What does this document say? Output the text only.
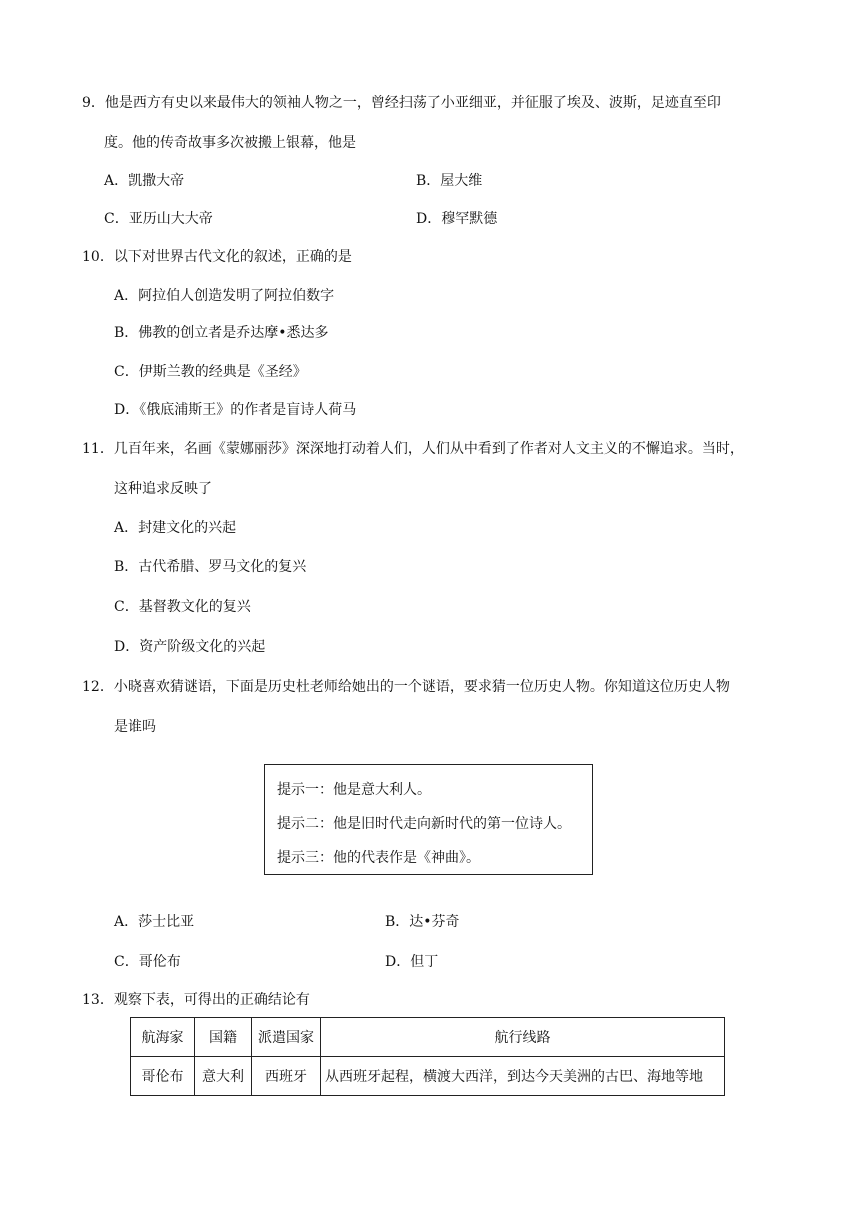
9．他是西方有史以来最伟大的领袖人物之一，曾经扫荡了小亚细亚，并征服了埃及、波斯，足迹直至印
度。他的传奇故事多次被搬上银幕，他是
A．凯撒大帝	B．屋大维
C．亚历山大大帝	D．穆罕默德
10．以下对世界古代文化的叙述，正确的是
A．阿拉伯人创造发明了阿拉伯数字
B．佛教的创立者是乔达摩•悉达多
C．伊斯兰教的经典是《圣经》
D．《俄底浦斯王》的作者是盲诗人荷马
11．几百年来，名画《蒙娜丽莎》深深地打动着人们，人们从中看到了作者对人文主义的不懈追求。当时，
这种追求反映了
A．封建文化的兴起
B．古代希腊、罗马文化的复兴
C．基督教文化的复兴
D．资产阶级文化的兴起
12．小晓喜欢猜谜语，下面是历史杜老师给她出的一个谜语，要求猜一位历史人物。你知道这位历史人物
是谁吗
提示一：他是意大利人。
提示二：他是旧时代走向新时代的第一位诗人。
提示三：他的代表作是《神曲》。
A．莎士比亚	B．达•芬奇
C．哥伦布	D．但丁
13．观察下表，可得出的正确结论有
航海家	国籍	派遣国家	航行线路
哥伦布	意大利	西班牙	从西班牙起程，横渡大西洋，到达今天美洲的古巴、海地等地
